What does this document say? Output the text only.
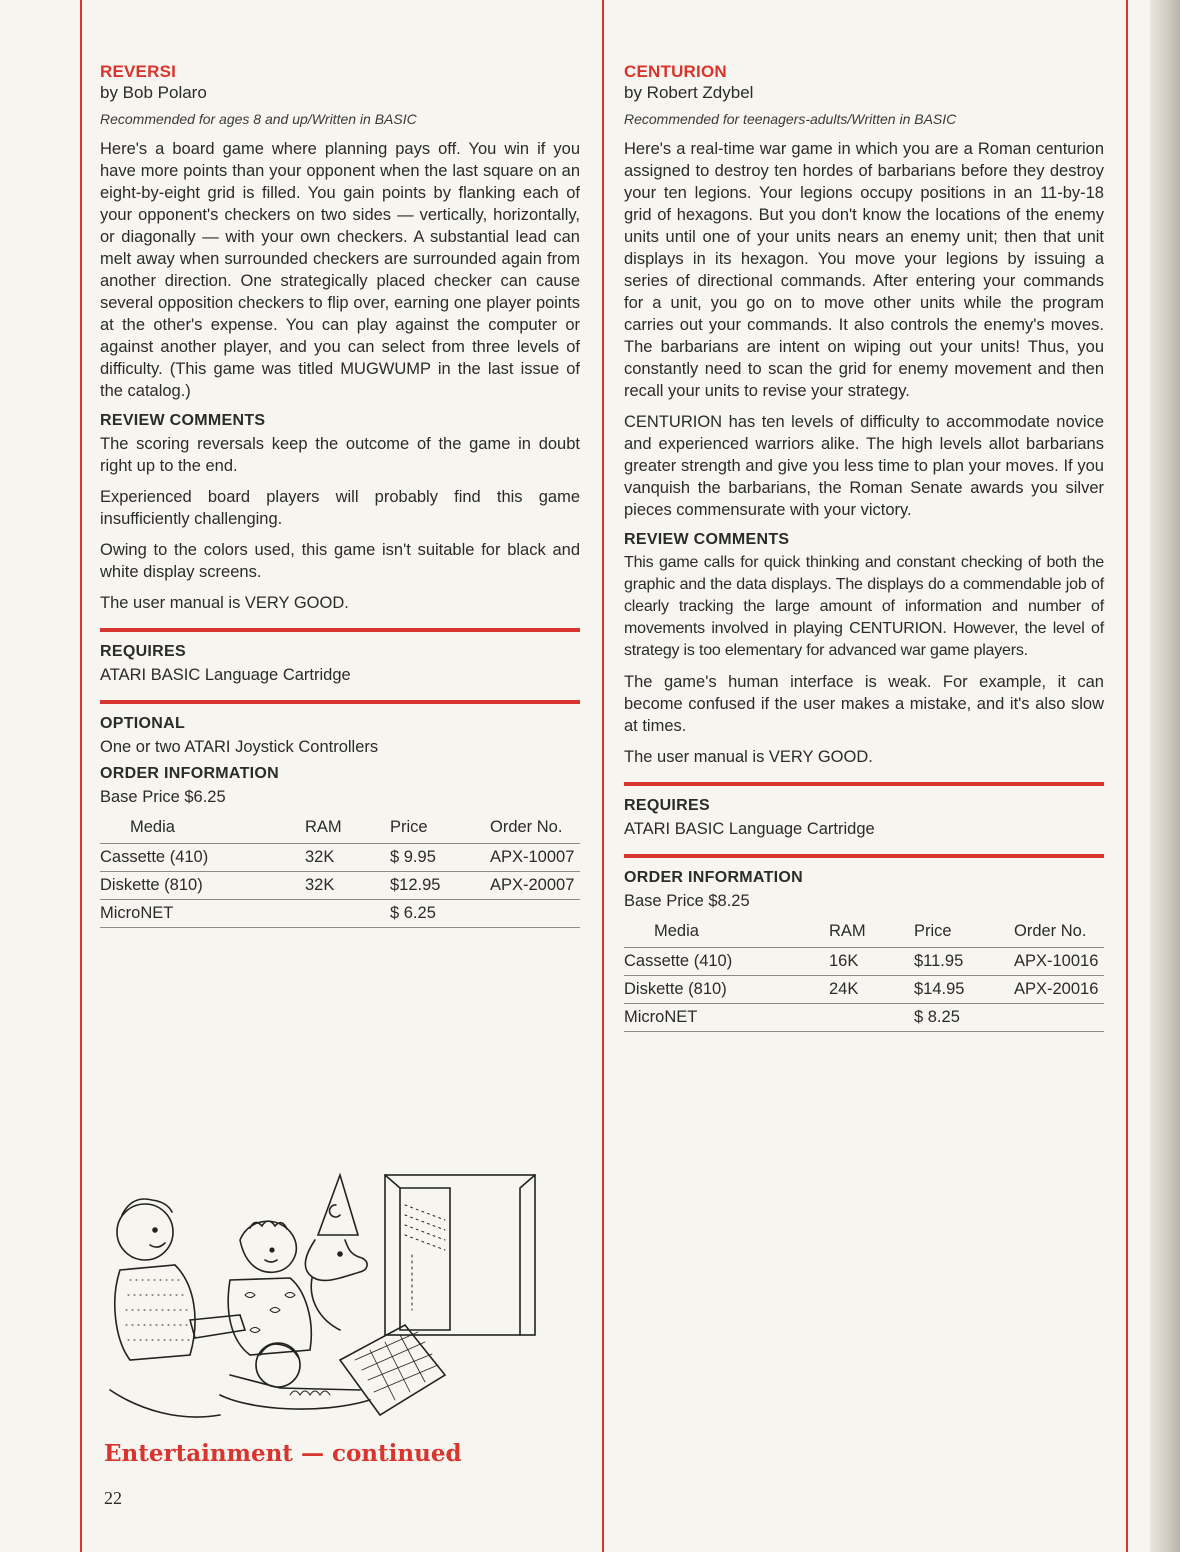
REVERSI

by Bob Polaro

Recommended for ages 8 and up/Written in BASIC

Here's a board game where planning pays off. You win if you have more points than your opponent when the last square on an eight-by-eight grid is filled. You gain points by flanking each of your opponent's checkers on two sides — vertically, horizontally, or diagonally — with your own checkers. A substantial lead can melt away when surrounded checkers are surrounded again from another direction. One strategically placed checker can cause several opposition checkers to flip over, earning one player points at the other's expense. You can play against the computer or against another player, and you can select from three levels of difficulty. (This game was titled MUGWUMP in the last issue of the catalog.)

REVIEW COMMENTS

The scoring reversals keep the outcome of the game in doubt right up to the end.

Experienced board players will probably find this game insufficiently challenging.

Owing to the colors used, this game isn't suitable for black and white display screens.

The user manual is VERY GOOD.

REQUIRES

ATARI BASIC Language Cartridge

OPTIONAL

One or two ATARI Joystick Controllers

ORDER INFORMATION

Base Price $6.25

Media	RAM	Price	Order No.
Cassette (410)	32K	$ 9.95	APX-10007
Diskette (810)	32K	$12.95	APX-20007
MicroNET		$ 6.25	

CENTURION

by Robert Zdybel

Recommended for teenagers-adults/Written in BASIC

Here's a real-time war game in which you are a Roman centurion assigned to destroy ten hordes of barbarians before they destroy your ten legions. Your legions occupy positions in an 11-by-18 grid of hexagons. But you don't know the locations of the enemy units until one of your units nears an enemy unit; then that unit displays in its hexagon. You move your legions by issuing a series of directional commands. After entering your commands for a unit, you go on to move other units while the program carries out your commands. It also controls the enemy's moves. The barbarians are intent on wiping out your units! Thus, you constantly need to scan the grid for enemy movement and then recall your units to revise your strategy.

CENTURION has ten levels of difficulty to accommodate novice and experienced warriors alike. The high levels allot barbarians greater strength and give you less time to plan your moves. If you vanquish the barbarians, the Roman Senate awards you silver pieces commensurate with your victory.

REVIEW COMMENTS

This game calls for quick thinking and constant checking of both the graphic and the data displays. The displays do a commendable job of clearly tracking the large amount of information and number of movements involved in playing CENTURION. However, the level of strategy is too elementary for advanced war game players.

The game's human interface is weak. For example, it can become confused if the user makes a mistake, and it's also slow at times.

The user manual is VERY GOOD.

REQUIRES

ATARI BASIC Language Cartridge

ORDER INFORMATION

Base Price $8.25

Media	RAM	Price	Order No.
Cassette (410)	16K	$11.95	APX-10016
Diskette (810)	24K	$14.95	APX-20016
MicroNET		$ 8.25	

Entertainment — continued

22
